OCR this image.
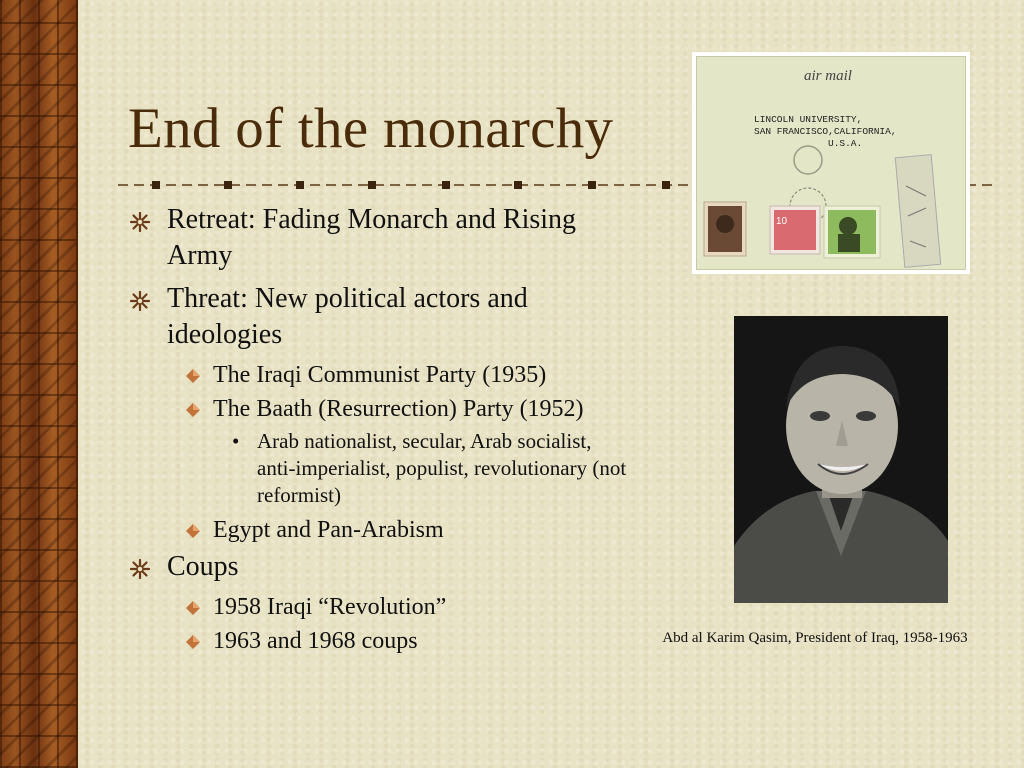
End of the monarchy
Retreat: Fading Monarch and Rising Army
Threat: New political actors and ideologies
The Iraqi Communist Party (1935)
The Baath (Resurrection) Party (1952)
• Arab nationalist, secular, Arab socialist, anti-imperialist, populist, revolutionary (not reformist)
Egypt and Pan-Arabism
Coups
1958 Iraqi “Revolution”
1963 and 1968 coups
air mail
LINCOLN UNIVERSITY,
SAN FRANCISCO,CALIFORNIA,
U.S.A.
10
Abd al Karim Qasim, President of Iraq, 1958-1963
